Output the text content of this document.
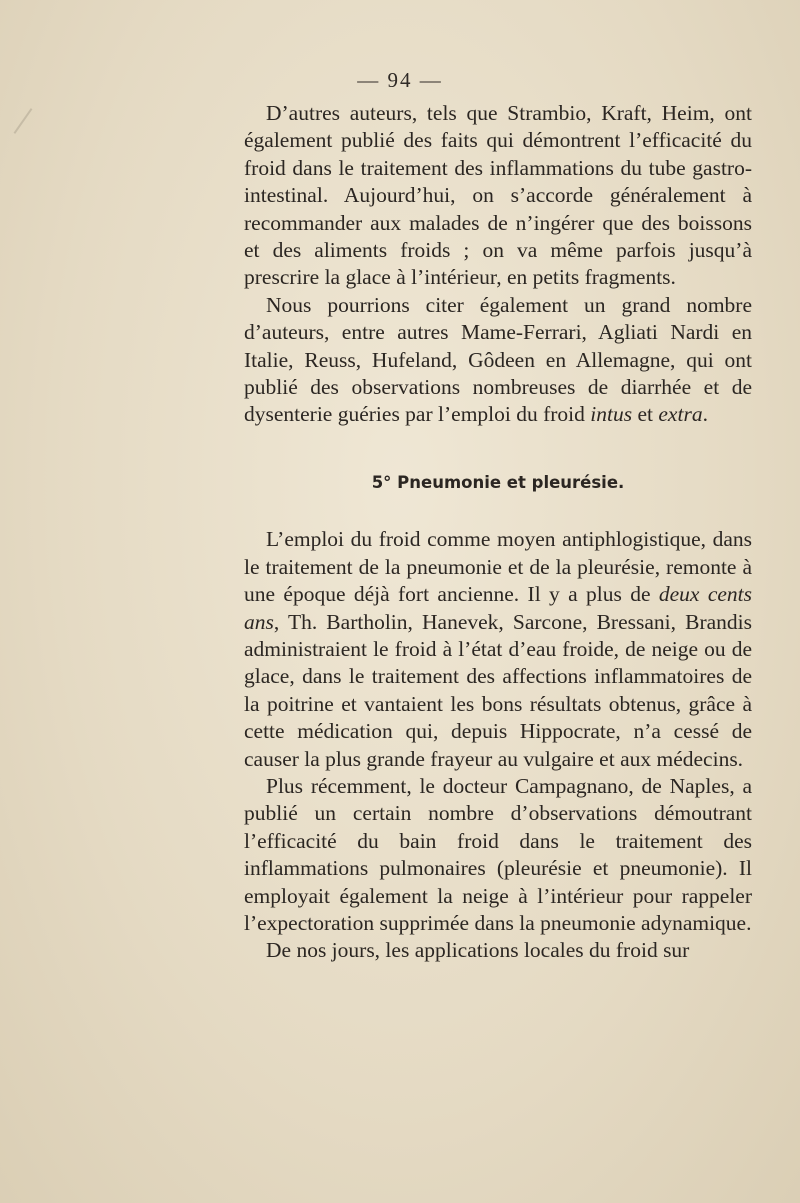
— 94 —

D’autres auteurs, tels que Strambio, Kraft, Heim, ont également publié des faits qui démontrent l’efficacité du froid dans le traitement des inflammations du tube gastro-intestinal. Aujourd’hui, on s’accorde généralement à recommander aux malades de n’ingérer que des boissons et des aliments froids ; on va même parfois jusqu’à prescrire la glace à l’intérieur, en petits fragments.

Nous pourrions citer également un grand nombre d’auteurs, entre autres Mame-Ferrari, Agliati Nardi en Italie, Reuss, Hufeland, Gôdeen en Allemagne, qui ont publié des observations nombreuses de diarrhée et de dysenterie guéries par l’emploi du froid intus et extra.

5° Pneumonie et pleurésie.

L’emploi du froid comme moyen antiphlogistique, dans le traitement de la pneumonie et de la pleurésie, remonte à une époque déjà fort ancienne. Il y a plus de deux cents ans, Th. Bartholin, Hanevek, Sarcone, Bressani, Brandis administraient le froid à l’état d’eau froide, de neige ou de glace, dans le traitement des affections inflammatoires de la poitrine et vantaient les bons résultats obtenus, grâce à cette médication qui, depuis Hippocrate, n’a cessé de causer la plus grande frayeur au vulgaire et aux médecins.

Plus récemment, le docteur Campagnano, de Naples, a publié un certain nombre d’observations démoutrant l’efficacité du bain froid dans le traitement des inflammations pulmonaires (pleurésie et pneumonie). Il employait également la neige à l’intérieur pour rappeler l’expectoration supprimée dans la pneumonie adynamique.

De nos jours, les applications locales du froid sur
